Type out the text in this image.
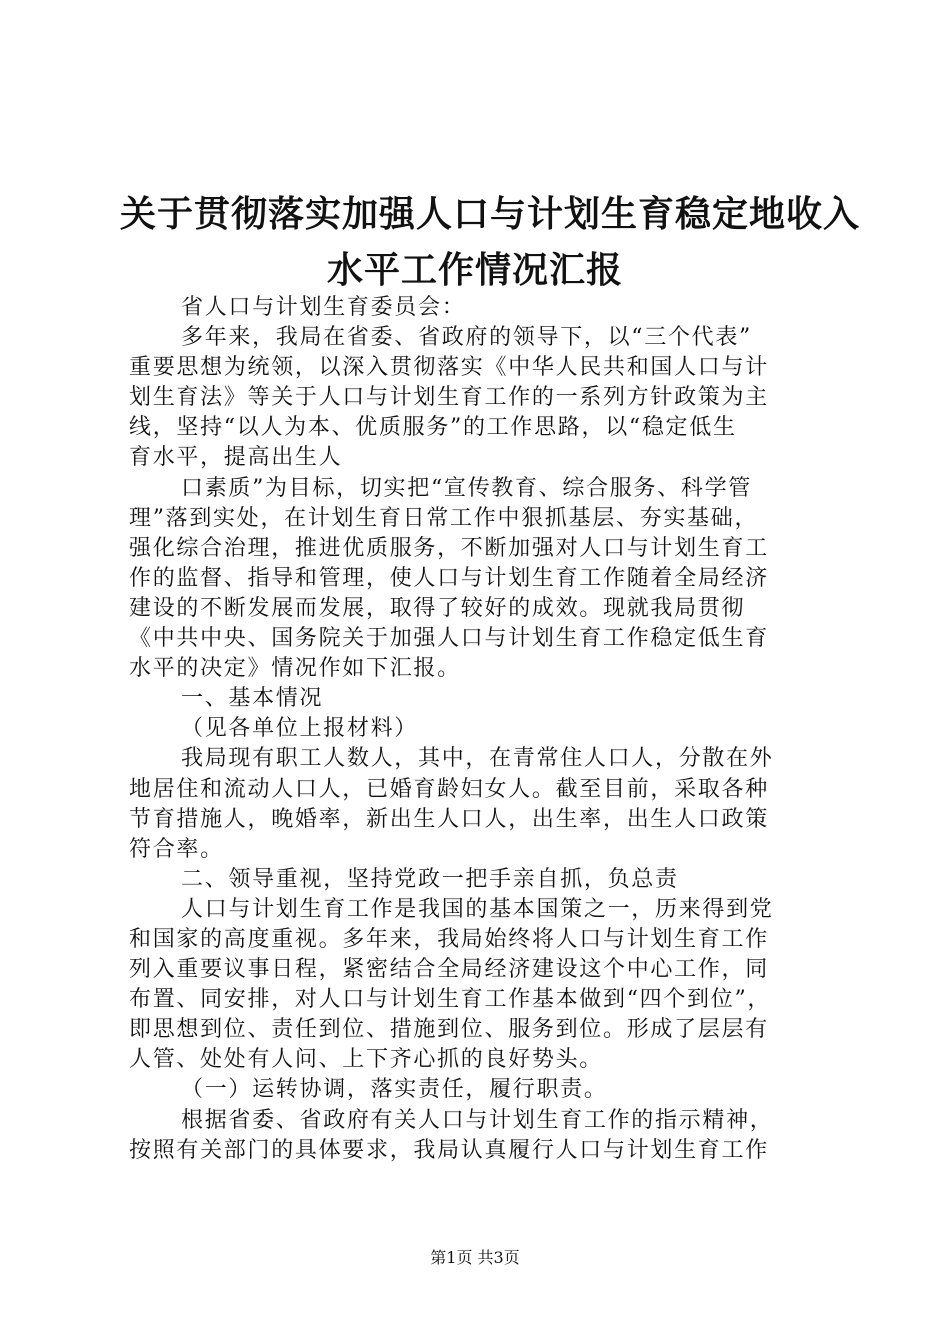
关于贯彻落实加强人口与计划生育稳定地收入
水平工作情况汇报
省人口与计划生育委员会：
多年来，我局在省委、省政府的领导下，以“三个代表”
重要思想为统领，以深入贯彻落实《中华人民共和国人口与计
划生育法》等关于人口与计划生育工作的一系列方针政策为主
线，坚持“以人为本、优质服务”的工作思路，以“稳定低生
育水平，提高出生人
口素质”为目标，切实把“宣传教育、综合服务、科学管
理”落到实处，在计划生育日常工作中狠抓基层、夯实基础，
强化综合治理，推进优质服务，不断加强对人口与计划生育工
作的监督、指导和管理，使人口与计划生育工作随着全局经济
建设的不断发展而发展，取得了较好的成效。现就我局贯彻
《中共中央、国务院关于加强人口与计划生育工作稳定低生育
水平的决定》情况作如下汇报。
一、基本情况
（见各单位上报材料）
我局现有职工人数人，其中，在青常住人口人，分散在外
地居住和流动人口人，已婚育龄妇女人。截至目前，采取各种
节育措施人，晚婚率，新出生人口人，出生率，出生人口政策
符合率。
二、领导重视，坚持党政一把手亲自抓，负总责
人口与计划生育工作是我国的基本国策之一，历来得到党
和国家的高度重视。多年来，我局始终将人口与计划生育工作
列入重要议事日程，紧密结合全局经济建设这个中心工作，同
布置、同安排，对人口与计划生育工作基本做到“四个到位”，
即思想到位、责任到位、措施到位、服务到位。形成了层层有
人管、处处有人问、上下齐心抓的良好势头。
（一）运转协调，落实责任，履行职责。
根据省委、省政府有关人口与计划生育工作的指示精神，
按照有关部门的具体要求，我局认真履行人口与计划生育工作
第1页 共3页
